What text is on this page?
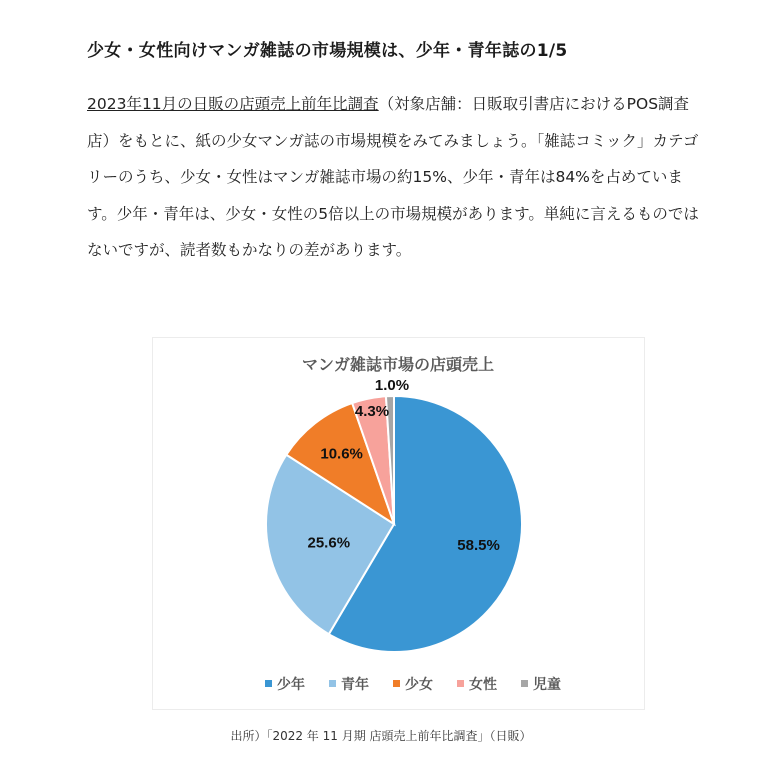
少女・女性向けマンガ雑誌の市場規模は、少年・青年誌の1/5

2023年11月の日販の店頭売上前年比調査（対象店舗：日販取引書店におけるPOS調査店）をもとに、紙の少女マンガ誌の市場規模をみてみましょう。「雑誌コミック」カテゴリーのうち、少女・女性はマンガ雑誌市場の約15%、少年・青年は84%を占めています。少年・青年は、少女・女性の5倍以上の市場規模があります。単純に言えるものではないですが、読者数もかなりの差があります。

マンガ雑誌市場の店頭売上
58.5%
25.6%
10.6%
4.3%
1.0%
少年	青年	少女	女性	児童

出所）「2022 年 11 月期 店頭売上前年比調査」（日販）
